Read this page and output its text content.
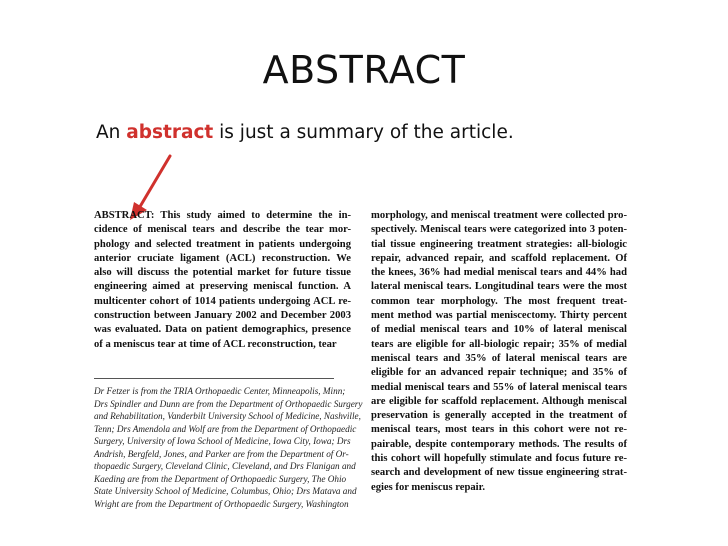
ABSTRACT
An abstract is just a summary of the article.
ABSTRACT: This study aimed to determine the in-
cidence of meniscal tears and describe the tear mor-
phology and selected treatment in patients undergoing
anterior cruciate ligament (ACL) reconstruction. We
also will discuss the potential market for future tissue
engineering aimed at preserving meniscal function. A
multicenter cohort of 1014 patients undergoing ACL re-
construction between January 2002 and December 2003
was evaluated. Data on patient demographics, presence
of a meniscus tear at time of ACL reconstruction, tear
Dr Fetzer is from the TRIA Orthopaedic Center, Minneapolis, Minn;
Drs Spindler and Dunn are from the Department of Orthopaedic Surgery
and Rehabilitation, Vanderbilt University School of Medicine, Nashville,
Tenn; Drs Amendola and Wolf are from the Department of Orthopaedic
Surgery, University of Iowa School of Medicine, Iowa City, Iowa; Drs
Andrish, Bergfeld, Jones, and Parker are from the Department of Or-
thopaedic Surgery, Cleveland Clinic, Cleveland, and Drs Flanigan and
Kaeding are from the Department of Orthopaedic Surgery, The Ohio
State University School of Medicine, Columbus, Ohio; Drs Matava and
Wright are from the Department of Orthopaedic Surgery, Washington
morphology, and meniscal treatment were collected pro-
spectively. Meniscal tears were categorized into 3 poten-
tial tissue engineering treatment strategies: all-biologic
repair, advanced repair, and scaffold replacement. Of
the knees, 36% had medial meniscal tears and 44% had
lateral meniscal tears. Longitudinal tears were the most
common tear morphology. The most frequent treat-
ment method was partial meniscectomy. Thirty percent
of medial meniscal tears and 10% of lateral meniscal
tears are eligible for all-biologic repair; 35% of medial
meniscal tears and 35% of lateral meniscal tears are
eligible for an advanced repair technique; and 35% of
medial meniscal tears and 55% of lateral meniscal tears
are eligible for scaffold replacement. Although meniscal
preservation is generally accepted in the treatment of
meniscal tears, most tears in this cohort were not re-
pairable, despite contemporary methods. The results of
this cohort will hopefully stimulate and focus future re-
search and development of new tissue engineering strat-
egies for meniscus repair.
